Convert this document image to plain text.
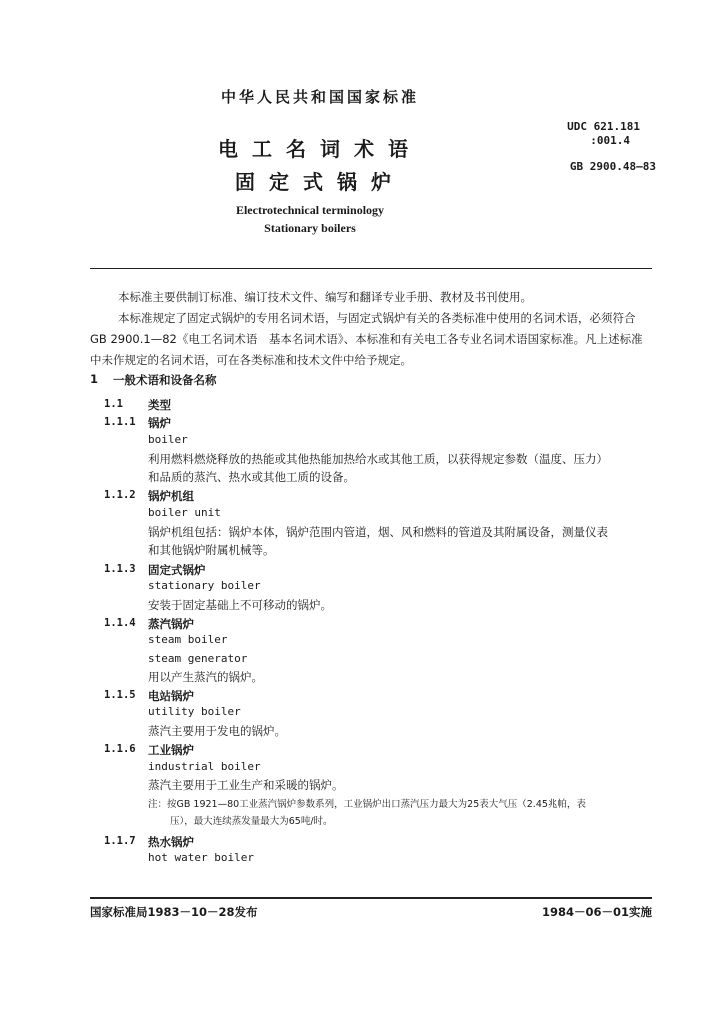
中华人民共和国国家标准
电工名词术语
固定式锅炉
Electrotechnical terminology
Stationary boilers
UDC 621.181
:001.4
GB 2900.48—83
本标准主要供制订标准、编订技术文件、编写和翻译专业手册、教材及书刊使用。
本标准规定了固定式锅炉的专用名词术语，与固定式锅炉有关的各类标准中使用的名词术语，必须符合GB 2900.1—82《电工名词术语　基本名词术语》、本标准和有关电工各专业名词术语国家标准。凡上述标准中未作规定的名词术语，可在各类标准和技术文件中给予规定。
1 一般术语和设备名称
1.1 类型
1.1.1 锅炉
boiler
利用燃料燃烧释放的热能或其他热能加热给水或其他工质，以获得规定参数（温度、压力）
和品质的蒸汽、热水或其他工质的设备。
1.1.2 锅炉机组
boiler unit
锅炉机组包括：锅炉本体，锅炉范围内管道，烟、风和燃料的管道及其附属设备，测量仪表
和其他锅炉附属机械等。
1.1.3 固定式锅炉
stationary boiler
安装于固定基础上不可移动的锅炉。
1.1.4 蒸汽锅炉
steam boiler
steam generator
用以产生蒸汽的锅炉。
1.1.5 电站锅炉
utility boiler
蒸汽主要用于发电的锅炉。
1.1.6 工业锅炉
industrial boiler
蒸汽主要用于工业生产和采暖的锅炉。
注：按GB 1921—80工业蒸汽锅炉参数系列，工业锅炉出口蒸汽压力最大为25表大气压（2.45兆帕，表
压），最大连续蒸发量最大为65吨/时。
1.1.7 热水锅炉
hot water boiler
国家标准局1983－10－28发布	1984－06－01实施
